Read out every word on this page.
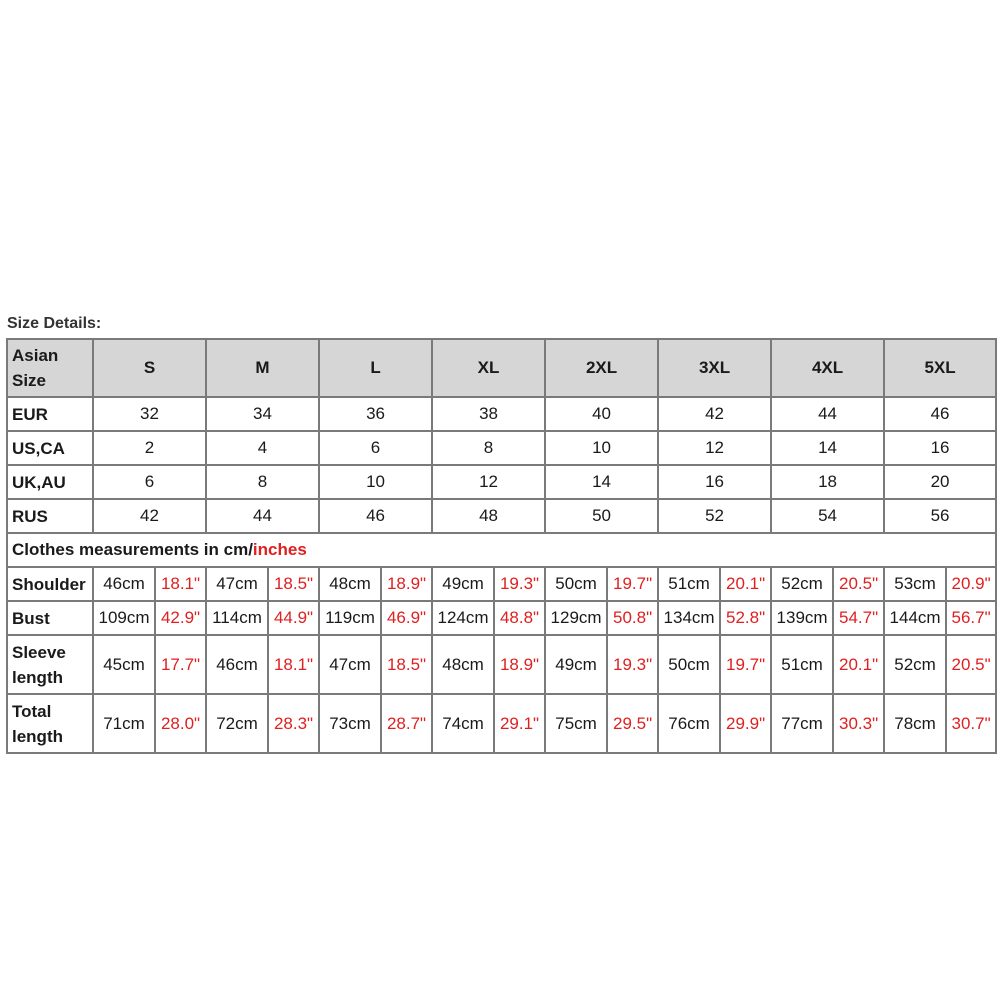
Size Details:
Asian Size	S		M		L		XL		2XL		3XL		4XL		5XL	
EUR	32		34		36		38		40		42		44		46	
US,CA	2		4		6		8		10		12		14		16	
UK,AU	6		8		10		12		14		16		18		20	
RUS	42		44		46		48		50		52		54		56	
Clothes measurements in cm/inches																
Shoulder	46cm	18.1"	47cm	18.5"	48cm	18.9"	49cm	19.3"	50cm	19.7"	51cm	20.1"	52cm	20.5"	53cm	20.9"
Bust	109cm	42.9"	114cm	44.9"	119cm	46.9"	124cm	48.8"	129cm	50.8"	134cm	52.8"	139cm	54.7"	144cm	56.7"
Sleeve length	45cm	17.7"	46cm	18.1"	47cm	18.5"	48cm	18.9"	49cm	19.3"	50cm	19.7"	51cm	20.1"	52cm	20.5"
Total length	71cm	28.0"	72cm	28.3"	73cm	28.7"	74cm	29.1"	75cm	29.5"	76cm	29.9"	77cm	30.3"	78cm	30.7"
